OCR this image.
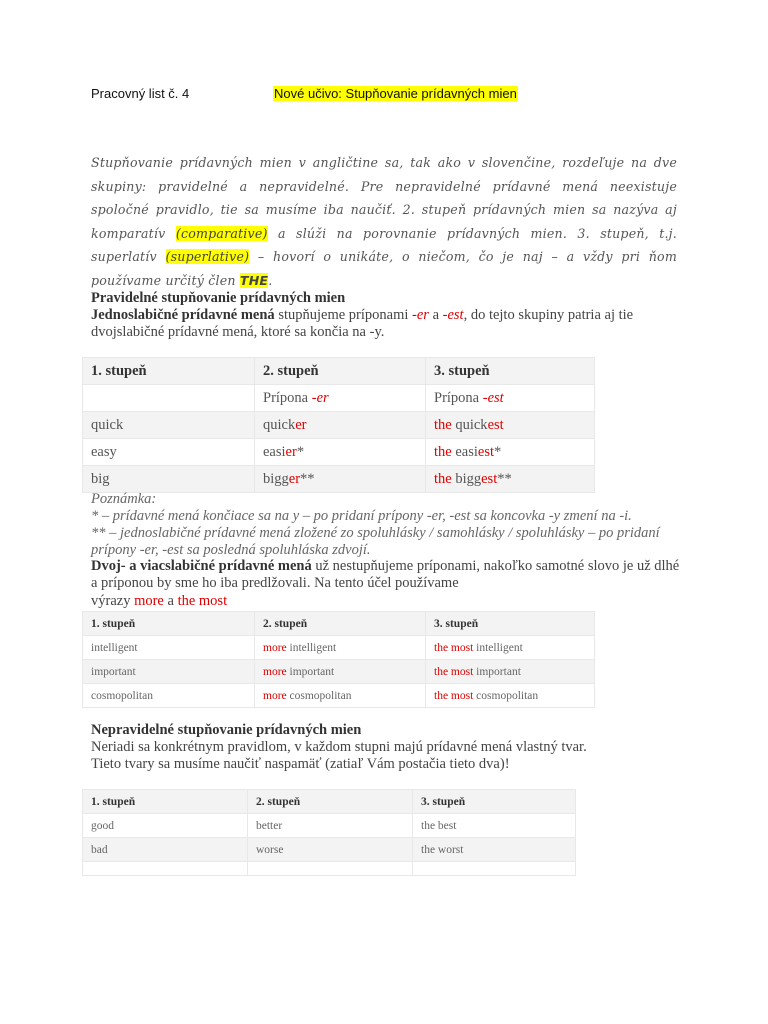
Pracovný list č. 4	Nové učivo: Stupňovanie prídavných mien
Stupňovanie prídavných mien v angličtine sa, tak ako v slovenčine, rozdeľuje na dve skupiny: pravidelné a nepravidelné. Pre nepravidelné prídavné mená neexistuje spoločné pravidlo, tie sa musíme iba naučiť. 2. stupeň prídavných mien sa nazýva aj komparatív (comparative) a slúži na porovnanie prídavných mien. 3. stupeň, t.j. superlatív (superlative) – hovorí o unikáte, o niečom, čo je naj – a vždy pri ňom používame určitý člen THE.
Pravidelné stupňovanie prídavných mien
Jednoslabičné prídavné mená stupňujeme príponami -er a -est, do tejto skupiny patria aj tie dvojslabičné prídavné mená, ktoré sa končia na -y.
1. stupeň	2. stupeň	3. stupeň
	Prípona -er	Prípona -est
quick	quicker	the quickest
easy	easier*	the easiest*
big	bigger**	the biggest**
Poznámka:
* – prídavné mená končiace sa na y – po pridaní prípony -er, -est sa koncovka -y zmení na -i.
** – jednoslabičné prídavné mená zložené zo spoluhlásky / samohlásky / spoluhlásky – po pridaní prípony -er, -est sa posledná spoluhláska zdvojí.
Dvoj- a viacslabičné prídavné mená už nestupňujeme príponami, nakoľko samotné slovo je už dlhé a príponou by sme ho iba predlžovali. Na tento účel používame
výrazy more a the most
1. stupeň	2. stupeň	3. stupeň
intelligent	more intelligent	the most intelligent
important	more important	the most important
cosmopolitan	more cosmopolitan	the most cosmopolitan
Nepravidelné stupňovanie prídavných mien
Neriadi sa konkrétnym pravidlom, v každom stupni majú prídavné mená vlastný tvar.
Tieto tvary sa musíme naučiť naspamäť (zatiaľ Vám postačia tieto dva)!
1. stupeň	2. stupeň	3. stupeň
good	better	the best
bad	worse	the worst
